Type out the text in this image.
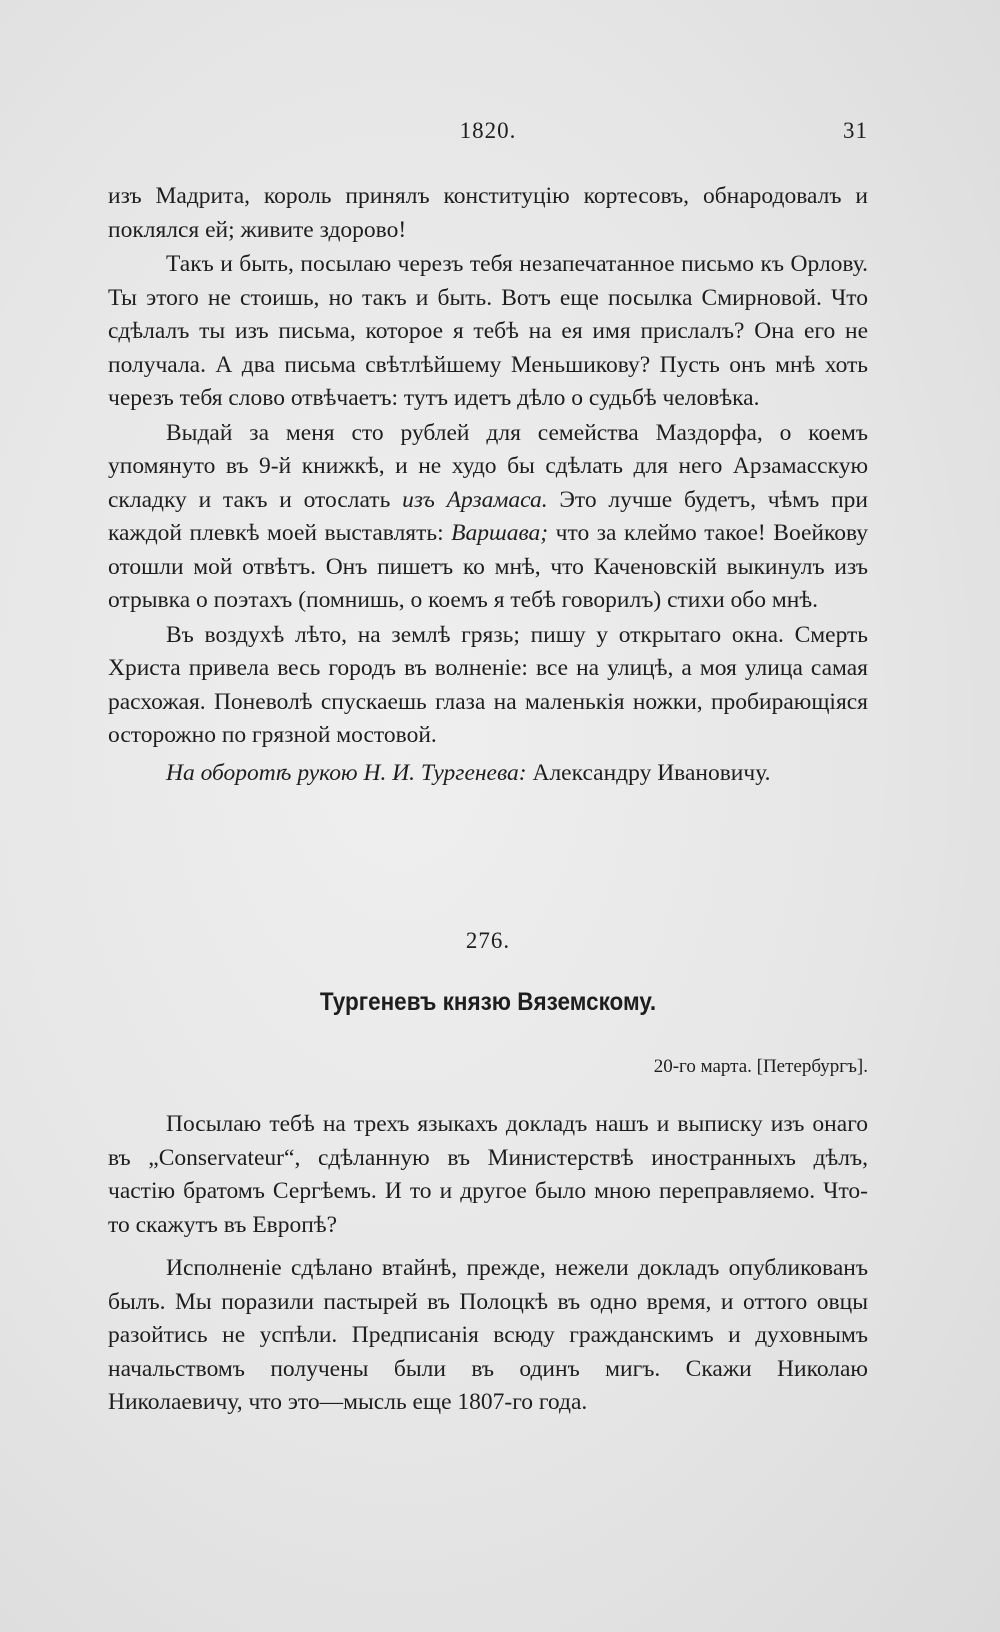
1820.	31

изъ Мадрита, король принялъ конституцію кортесовъ, обнародовалъ и поклялся ей; живите здорово!

Такъ и быть, посылаю черезъ тебя незапечатанное письмо къ Орлову. Ты этого не стоишь, но такъ и быть. Вотъ еще посылка Смирновой. Что сдѣлалъ ты изъ письма, которое я тебѣ на ея имя прислалъ? Она его не получала. А два письма свѣтлѣйшему Меньшикову? Пусть онъ мнѣ хоть черезъ тебя слово отвѣчаетъ: тутъ идетъ дѣло о судьбѣ человѣка.

Выдай за меня сто рублей для семейства Маздорфа, о коемъ упомянуто въ 9-й книжкѣ, и не худо бы сдѣлать для него Арзамасскую складку и такъ и отослать изъ Арзамаса. Это лучше будетъ, чѣмъ при каждой плевкѣ моей выставлять: Варшава; что за клеймо такое! Воейкову отошли мой отвѣтъ. Онъ пишетъ ко мнѣ, что Каченовскій выкинулъ изъ отрывка о поэтахъ (помнишь, о коемъ я тебѣ говорилъ) стихи обо мнѣ.

Въ воздухѣ лѣто, на землѣ грязь; пишу у открытаго окна. Смерть Христа привела весь городъ въ волненіе: все на улицѣ, а моя улица самая расхожая. Поневолѣ спускаешь глаза на маленькія ножки, пробирающіяся осторожно по грязной мостовой.

На оборотѣ рукою Н. И. Тургенева: Александру Ивановичу.

276.
Тургеневъ князю Вяземскому.
20-го марта. [Петербургъ].

Посылаю тебѣ на трехъ языкахъ докладъ нашъ и выписку изъ онаго въ „Conservateur“, сдѣланную въ Министерствѣ иностранныхъ дѣлъ, частію братомъ Сергѣемъ. И то и другое было мною переправляемо. Что-то скажутъ въ Европѣ?

Исполненіе сдѣлано втайнѣ, прежде, нежели докладъ опубликованъ былъ. Мы поразили пастырей въ Полоцкѣ въ одно время, и оттого овцы разойтись не успѣли. Предписанія всюду гражданскимъ и духовнымъ начальствомъ получены были въ одинъ мигъ. Скажи Николаю Николаевичу, что это—мысль еще 1807-го года.
